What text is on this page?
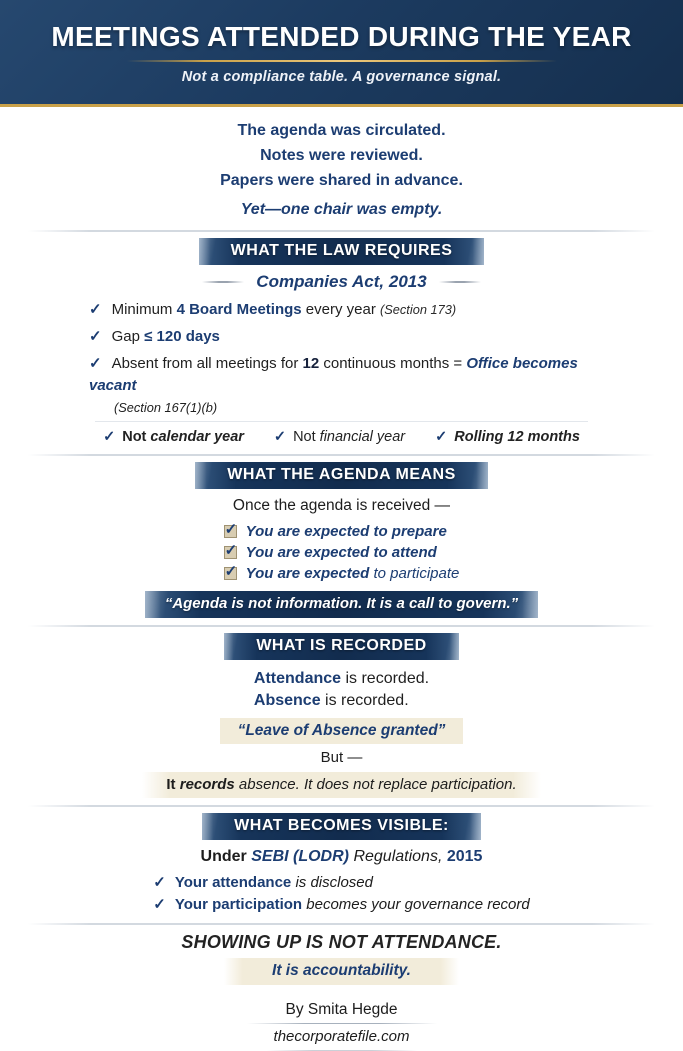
MEETINGS ATTENDED DURING THE YEAR
Not a compliance table. A governance signal.
The agenda was circulated.
Notes were reviewed.
Papers were shared in advance.
Yet—one chair was empty.
WHAT THE LAW REQUIRES
Companies Act, 2013
✓ Minimum 4 Board Meetings every year (Section 173)
✓ Gap ≤ 120 days
✓ Absent from all meetings for 12 continuous months = Office becomes vacant
(Section 167(1)(b)
✓ Not calendar year ✓ Not financial year ✓ Rolling 12 months
WHAT THE AGENDA MEANS
Once the agenda is received —
✓ You are expected to prepare
✓ You are expected to attend
✓ You are expected to participate
“Agenda is not information. It is a call to govern.”
WHAT IS RECORDED
Attendance is recorded.
Absence is recorded.
“Leave of Absence granted”
But —
It records absence. It does not replace participation.
WHAT BECOMES VISIBLE:
Under SEBI (LODR) Regulations, 2015
✓ Your attendance is disclosed
✓ Your participation becomes your governance record
SHOWING UP IS NOT ATTENDANCE.
It is accountability.
By Smita Hegde
thecorporatefile.com
